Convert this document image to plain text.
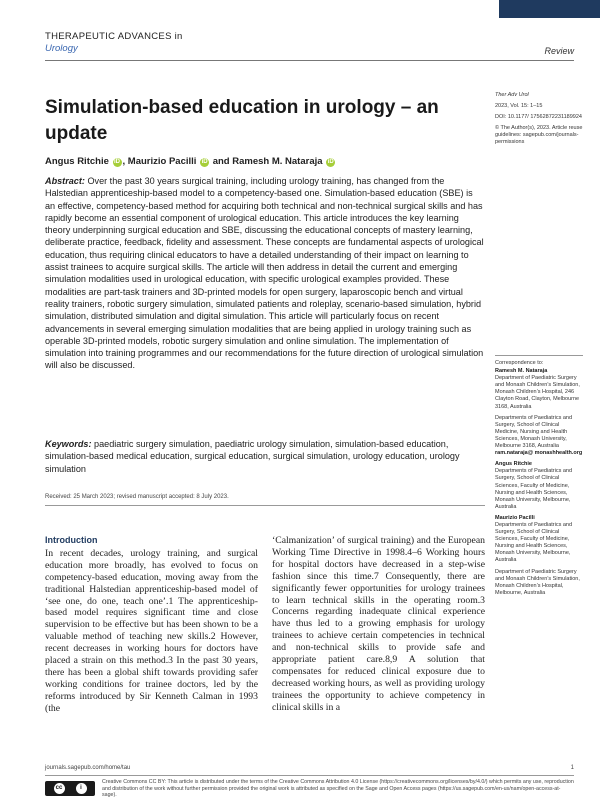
THERAPEUTIC ADVANCES in
Urology	Review
Simulation-based education in urology – an update
Angus Ritchie iD , Maurizio Pacilli iD and Ramesh M. Nataraja iD
Abstract: Over the past 30 years surgical training, including urology training, has changed from the Halstedian apprenticeship-based model to a competency-based one. Simulation-based education (SBE) is an effective, competency-based method for acquiring both technical and non-technical surgical skills and has rapidly become an essential component of urological education. This article introduces the key learning theory underpinning surgical education and SBE, discussing the educational concepts of mastery learning, deliberate practice, feedback, fidelity and assessment. These concepts are fundamental aspects of urological education, thus requiring clinical educators to have a detailed understanding of their impact on learning to assist trainees to acquire surgical skills. The article will then address in detail the current and emerging simulation modalities used in urological education, with specific urological examples provided. These modalities are part-task trainers and 3D-printed models for open surgery, laparoscopic bench and virtual reality trainers, robotic surgery simulation, simulated patients and roleplay, scenario-based simulation, hybrid simulation, distributed simulation and digital simulation. This article will particularly focus on recent advancements in several emerging simulation modalities that are being applied in urology training such as operable 3D-printed models, robotic surgery simulation and online simulation. The implementation of simulation into training programmes and our recommendations for the future direction of urological simulation will also be discussed.
Keywords: paediatric surgery simulation, paediatric urology simulation, simulation-based education, simulation-based medical education, surgical education, surgical simulation, urology education, urology simulation
Received: 25 March 2023; revised manuscript accepted: 8 July 2023.
Introduction
In recent decades, urology training, and surgical education more broadly, has evolved to focus on competency-based education, moving away from the traditional Halstedian apprenticeship-based model of ‘see one, do one, teach one’.1 The apprenticeship-based model requires significant time and close supervision to be effective but has been shown to be a valuable method of teaching new skills.2 However, recent decreases in working hours for doctors have placed a strain on this method.3 In the past 30 years, there has been a global shift towards providing safer working conditions for trainee doctors, led by the reforms introduced by Sir Kenneth Calman in 1993 (the
‘Calmanization’ of surgical training) and the European Working Time Directive in 1998.4–6 Working hours for hospital doctors have decreased in a step-wise fashion since this time.7 Consequently, there are significantly fewer opportunities for urology trainees to learn technical skills in the operating room.3 Concerns regarding inadequate clinical experience have thus led to a growing emphasis for urology trainees to achieve certain competencies in technical and non-technical skills to provide safe and appropriate patient care.8,9 A solution that compensates for reduced clinical exposure due to decreased working hours, as well as providing urology trainees the opportunity to achieve competency in clinical skills in a

Ther Adv Urol

2023, Vol. 15: 1–15

DOI: 10.1177/ 17562872231189924

© The Author(s), 2023. Article reuse guidelines: sagepub.com/journals-permissions

Correspondence to:

Ramesh M. Nataraja

Department of Paediatric Surgery and Monash Children’s Simulation, Monash Children’s Hospital, 246 Clayton Road, Clayton, Melbourne 3168, Australia

Departments of Paediatrics and Surgery, School of Clinical Medicine, Nursing and Health Sciences, Monash University, Melbourne 3168, Australia

ram.nataraja@ monashhealth.org

Angus Ritchie

Departments of Paediatrics and Surgery, School of Clinical Sciences, Faculty of Medicine, Nursing and Health Sciences, Monash University, Melbourne, Australia

Maurizio Pacilli

Departments of Paediatrics and Surgery, School of Clinical Sciences, Faculty of Medicine, Nursing and Health Sciences, Monash University, Melbourne, Australia

Department of Paediatric Surgery and Monash Children’s Simulation, Monash Children’s Hospital, Melbourne, Australia

journals.sagepub.com/home/tau	1
cc	i
Creative Commons CC BY: This article is distributed under the terms of the Creative Commons Attribution 4.0 License (https://creativecommons.org/licenses/by/4.0/) which permits any use, reproduction and distribution of the work without further permission provided the original work is attributed as specified on the Sage and Open Access pages (https://us.sagepub.com/en-us/nam/open-access-at-sage).
